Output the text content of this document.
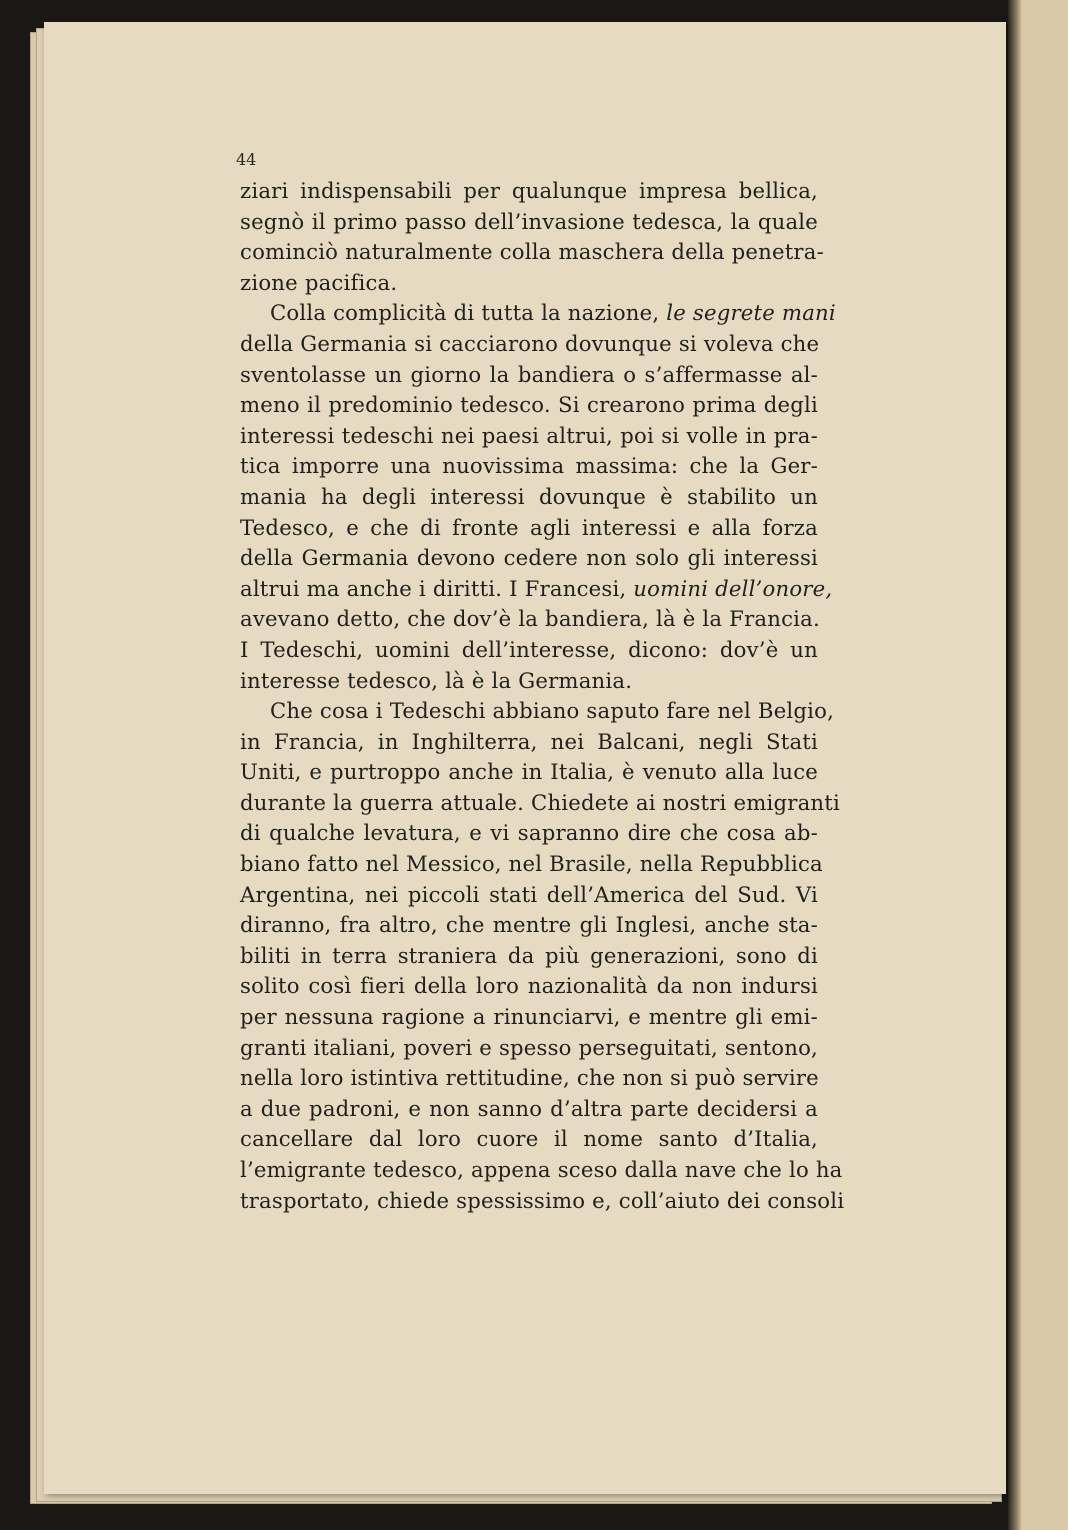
44
ziari indispensabili per qualunque impresa bellica,
segnò il primo passo dell’invasione tedesca, la quale
cominciò naturalmente colla maschera della penetra-
zione pacifica.
Colla complicità di tutta la nazione, le segrete mani
della Germania si cacciarono dovunque si voleva che
sventolasse un giorno la bandiera o s’affermasse al-
meno il predominio tedesco. Si crearono prima degli
interessi tedeschi nei paesi altrui, poi si volle in pra-
tica imporre una nuovissima massima: che la Ger-
mania ha degli interessi dovunque è stabilito un
Tedesco, e che di fronte agli interessi e alla forza
della Germania devono cedere non solo gli interessi
altrui ma anche i diritti. I Francesi, uomini dell’onore,
avevano detto, che dov’è la bandiera, là è la Francia.
I Tedeschi, uomini dell’interesse, dicono: dov’è un
interesse tedesco, là è la Germania.
Che cosa i Tedeschi abbiano saputo fare nel Belgio,
in Francia, in Inghilterra, nei Balcani, negli Stati
Uniti, e purtroppo anche in Italia, è venuto alla luce
durante la guerra attuale. Chiedete ai nostri emigranti
di qualche levatura, e vi sapranno dire che cosa ab-
biano fatto nel Messico, nel Brasile, nella Repubblica
Argentina, nei piccoli stati dell’America del Sud. Vi
diranno, fra altro, che mentre gli Inglesi, anche sta-
biliti in terra straniera da più generazioni, sono di
solito così fieri della loro nazionalità da non indursi
per nessuna ragione a rinunciarvi, e mentre gli emi-
granti italiani, poveri e spesso perseguitati, sentono,
nella loro istintiva rettitudine, che non si può servire
a due padroni, e non sanno d’altra parte decidersi a
cancellare dal loro cuore il nome santo d’Italia,
l’emigrante tedesco, appena sceso dalla nave che lo ha
trasportato, chiede spessissimo e, coll’aiuto dei consoli
